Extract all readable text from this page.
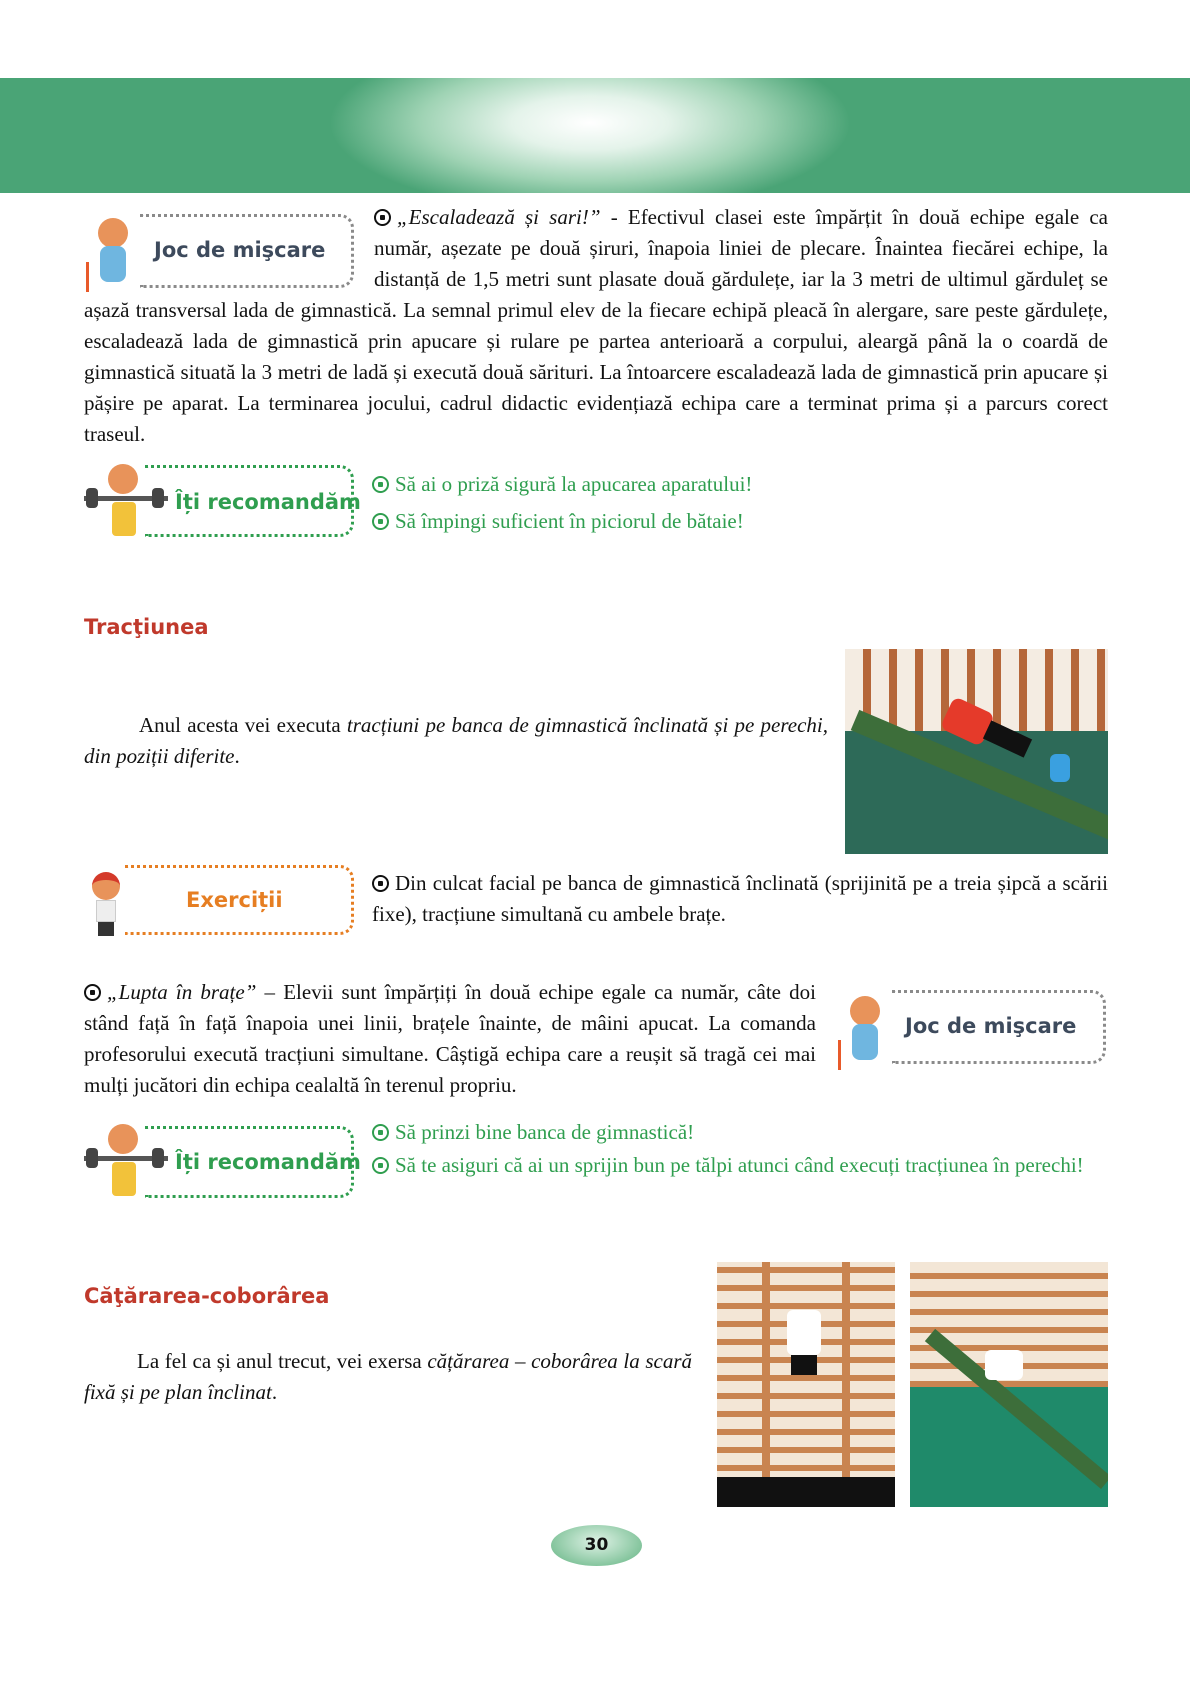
Joc de mişcare
„Escaladează și sari!” - Efectivul clasei este împărțit în două echipe egale ca număr, așezate pe două șiruri, înapoia liniei de plecare. Înaintea fiecărei echipe, la distanță de 1,5 metri sunt plasate două gărdulețe, iar la 3 metri de ultimul gărduleț se așază transversal lada de gimnastică. La semnal primul elev de la fiecare echipă pleacă în alergare, sare peste gărdulețe, escaladează lada de gimnastică prin apucare și rulare pe partea anterioară a corpului, aleargă până la o coardă de gimnastică situată la 3 metri de ladă și execută două sărituri. La întoarcere escaladează lada de gimnastică prin apucare și pășire pe aparat. La terminarea jocului, cadrul didactic evidențiază echipa care a terminat prima și a parcurs corect traseul.
Îți recomandăm
Să ai o priză sigură la apucarea aparatului!
Să împingi suficient în piciorul de bătaie!
Tracţiunea
Anul acesta vei executa tracțiuni pe banca de gimnastică înclinată și pe perechi, din poziții diferite.
Exerciții
Din culcat facial pe banca de gimnastică înclinată (sprijinită pe a treia șipcă a scării fixe), tracțiune simultană cu ambele brațe.
„Lupta în brațe” – Elevii sunt împărțiți în două echipe egale ca număr, câte doi stând față în față înapoia unei linii, brațele înainte, de mâini apucat. La comanda profesorului execută tracțiuni simultane. Câștigă echipa care a reușit să tragă cei mai mulți jucători din echipa cealaltă în terenul propriu.
Joc de mişcare
Îți recomandăm
Să prinzi bine banca de gimnastică!
Să te asiguri că ai un sprijin bun pe tălpi atunci când execuți tracțiunea în perechi!
Căţărarea-coborârea
La fel ca și anul trecut, vei exersa cățărarea – coborârea la scară fixă și pe plan înclinat.
30
